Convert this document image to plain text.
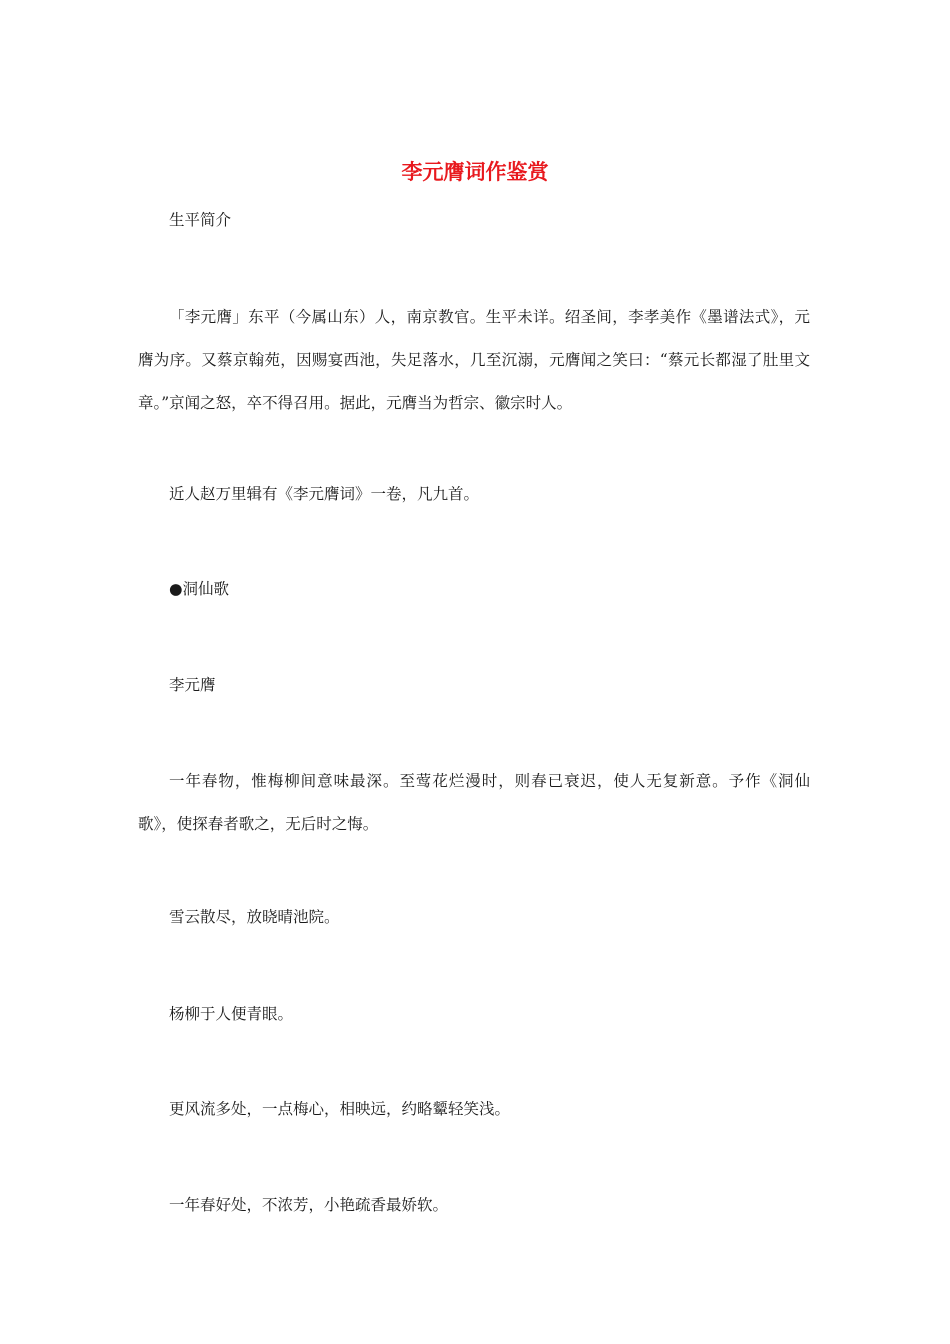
李元膺词作鉴赏

生平简介

「李元膺」东平（今属山东）人，南京教官。生平未详。绍圣间，李孝美作《墨谱法式》，元膺为序。又蔡京翰苑，因赐宴西池，失足落水，几至沉溺，元膺闻之笑曰：“蔡元长都湿了肚里文章。”京闻之怒，卒不得召用。据此，元膺当为哲宗、徽宗时人。

近人赵万里辑有《李元膺词》一卷，凡九首。

●洞仙歌

李元膺

一年春物，惟梅柳间意味最深。至莺花烂漫时，则春已衰迟，使人无复新意。予作《洞仙歌》，使探春者歌之，无后时之悔。

雪云散尽，放晓晴池院。

杨柳于人便青眼。

更风流多处，一点梅心，相映远，约略颦轻笑浅。

一年春好处，不浓芳，小艳疏香最娇软。
